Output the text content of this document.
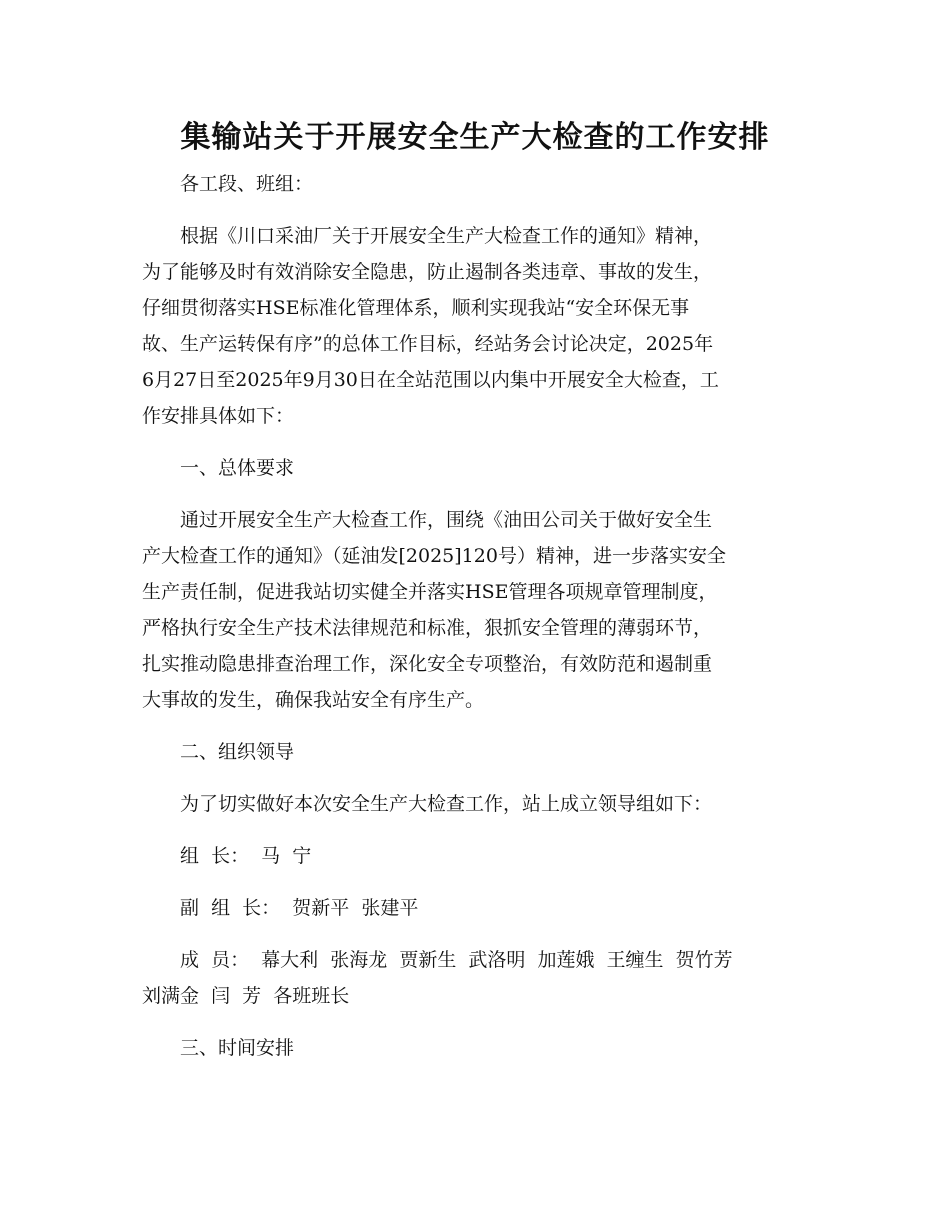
集输站关于开展安全生产大检查的工作安排

各工段、班组：

根据《川口采油厂关于开展安全生产大检查工作的通知》精神，
为了能够及时有效消除安全隐患，防止遏制各类违章、事故的发生，
仔细贯彻落实HSE标准化管理体系，顺利实现我站“安全环保无事
故、生产运转保有序”的总体工作目标，经站务会讨论决定，2025年
6月27日至2025年9月30日在全站范围以内集中开展安全大检查，工
作安排具体如下：

一、总体要求

通过开展安全生产大检查工作，围绕《油田公司关于做好安全生
产大检查工作的通知》（延油发[2025]120号）精神，进一步落实安全
生产责任制，促进我站切实健全并落实HSE管理各项规章管理制度，
严格执行安全生产技术法律规范和标准，狠抓安全管理的薄弱环节，
扎实推动隐患排查治理工作，深化安全专项整治，有效防范和遏制重
大事故的发生，确保我站安全有序生产。

二、组织领导

为了切实做好本次安全生产大检查工作，站上成立领导组如下：

组  长：  马  宁

副  组  长：  贺新平  张建平

成  员：  幕大利  张海龙  贾新生  武洛明  加莲娥  王缠生  贺竹芳
刘满金  闫  芳  各班班长

三、时间安排
